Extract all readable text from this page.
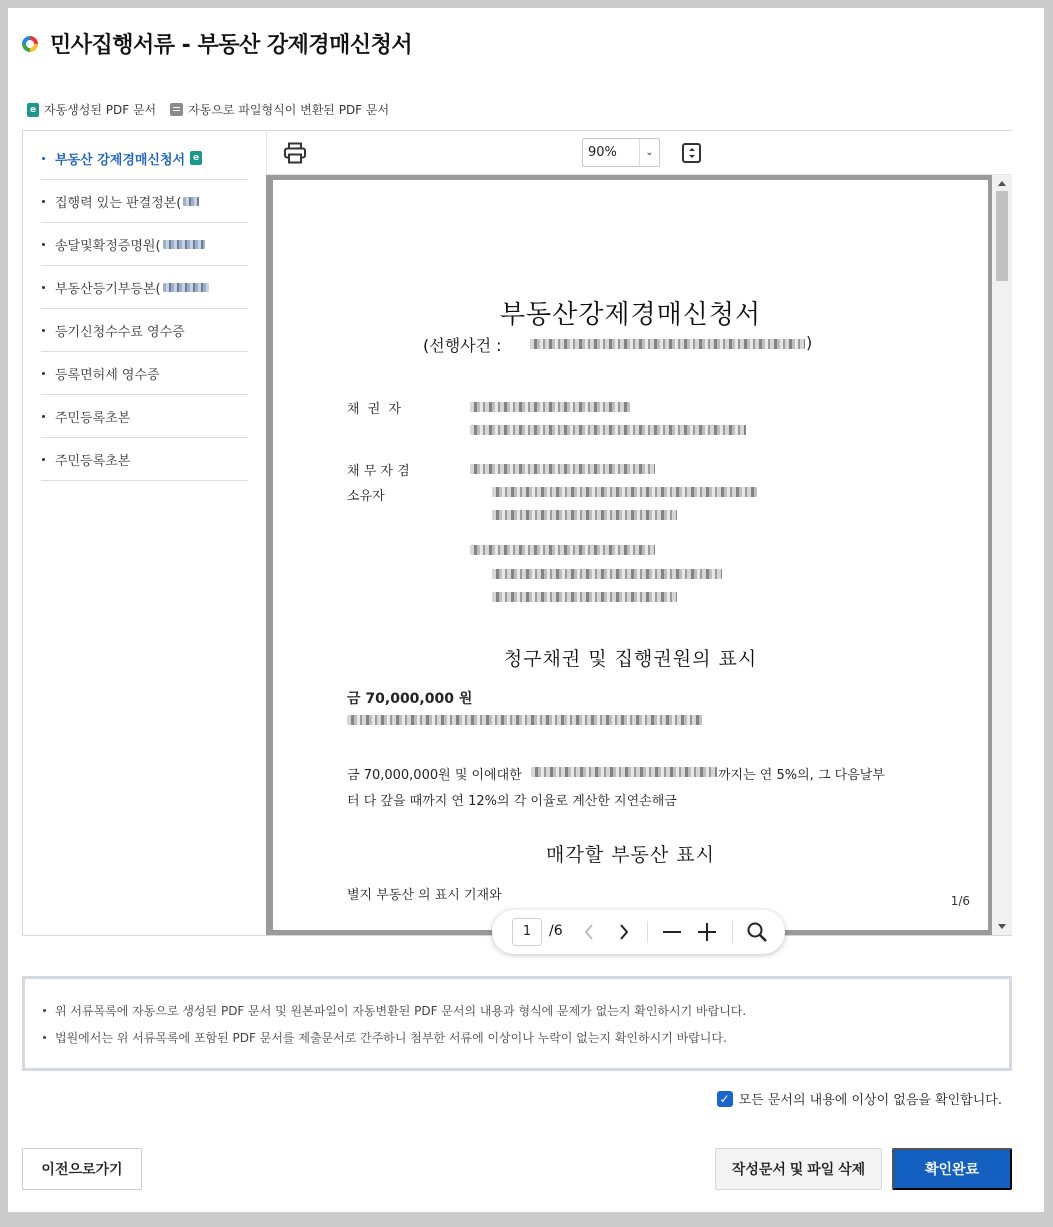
민사집행서류 - 부동산 강제경매신청서
e 자동생성된 PDF 문서	자동으로 파일형식이 변환된 PDF 문서
부동산 강제경매신청서 e
집행력 있는 판결정본(
송달및확정증명원(
부동산등기부등본(
등기신청수수료 영수증
등록면허세 영수증
주민등록초본
주민등록초본
90%	⌄
부동산강제경매신청서
(선행사건 :	)
채 권 자
채 무 자 겸
소유자
청구채권 및 집행권원의 표시
금 70,000,000 원
금 70,000,000원 및 이에대한	까지는 연 5%의, 그 다음날부
터 다 갚을 때까지 연 12%의 각 이율로 계산한 지연손해금
매각할 부동산 표시
별지 부동산 의 표시 기재와	1/6
1	/6
위 서류목록에 자동으로 생성된 PDF 문서 및 원본파일이 자동변환된 PDF 문서의 내용과 형식에 문제가 없는지 확인하시기 바랍니다.
법원에서는 위 서류목록에 포함된 PDF 문서를 제출문서로 간주하니 첨부한 서류에 이상이나 누락이 없는지 확인하시기 바랍니다.
✓ 모든 문서의 내용에 이상이 없음을 확인합니다.
이전으로가기	작성문서 및 파일 삭제	확인완료
